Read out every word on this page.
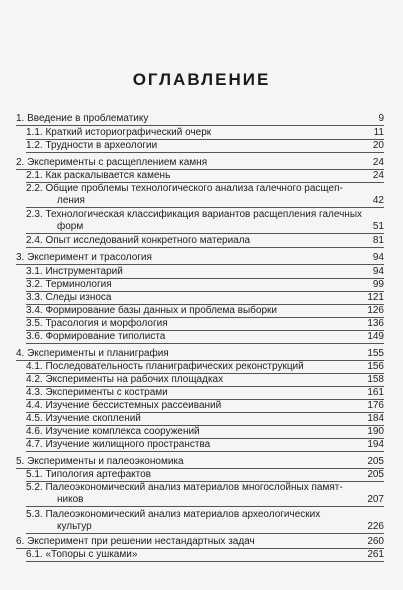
ОГЛАВЛЕНИЕ
1. Введение в проблематику	9
1.1. Краткий историографический очерк	11
1.2. Трудности в археологии	20
2. Эксперименты с расщеплением камня	24
2.1. Как раскалывается камень	24
2.2. Общие проблемы технологического анализа галечного расщеп-
ления	42
2.3. Технологическая классификация вариантов расщепления галечных
форм	51
2.4. Опыт исследований конкретного материала	81
3. Эксперимент и трасология	94
3.1. Инструментарий	94
3.2. Терминология	99
3.3. Следы износа	121
3.4. Формирование базы данных и проблема выборки	126
3.5. Трасология и морфология	136
3.6. Формирование типолиста	149
4. Эксперименты и планиграфия	155
4.1. Последовательность планиграфических реконструкций	156
4.2. Эксперименты на рабочих площадках	158
4.3. Эксперименты с кострами	161
4.4. Изучение бессистемных рассеиваний	176
4.5. Изучение скоплений	184
4.6. Изучение комплекса сооружений	190
4.7. Изучение жилищного пространства	194
5. Эксперименты и палеоэкономика	205
5.1. Типология артефактов	205
5.2. Палеоэкономический анализ материалов многослойных памят-
ников	207
5.3. Палеоэкономический анализ материалов археологических
культур	226
6. Эксперимент при решении нестандартных задач	260
6.1. «Топоры с ушками»	261
